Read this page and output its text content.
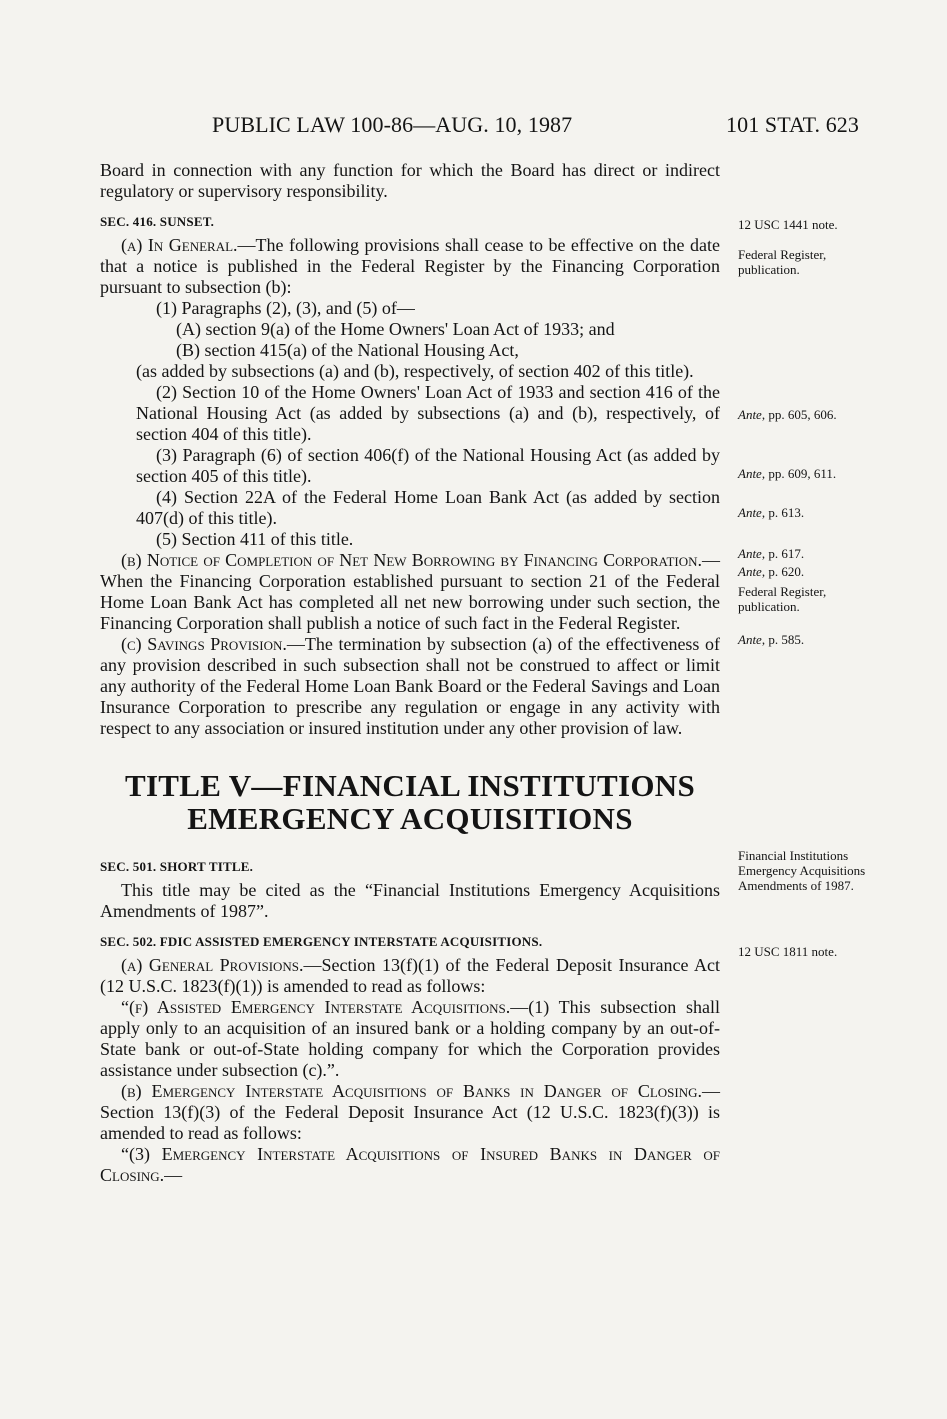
PUBLIC LAW 100-86—AUG. 10, 1987	101 STAT. 623

Board in connection with any function for which the Board has direct or indirect regulatory or supervisory responsibility.

SEC. 416. SUNSET.

(a) In General.—The following provisions shall cease to be effective on the date that a notice is published in the Federal Register by the Financing Corporation pursuant to subsection (b):

(1) Paragraphs (2), (3), and (5) of—

(A) section 9(a) of the Home Owners' Loan Act of 1933; and

(B) section 415(a) of the National Housing Act,

(as added by subsections (a) and (b), respectively, of section 402 of this title).

(2) Section 10 of the Home Owners' Loan Act of 1933 and section 416 of the National Housing Act (as added by subsections (a) and (b), respectively, of section 404 of this title).

(3) Paragraph (6) of section 406(f) of the National Housing Act (as added by section 405 of this title).

(4) Section 22A of the Federal Home Loan Bank Act (as added by section 407(d) of this title).

(5) Section 411 of this title.

(b) Notice of Completion of Net New Borrowing by Financing Corporation.—When the Financing Corporation established pursuant to section 21 of the Federal Home Loan Bank Act has completed all net new borrowing under such section, the Financing Corporation shall publish a notice of such fact in the Federal Register.

(c) Savings Provision.—The termination by subsection (a) of the effectiveness of any provision described in such subsection shall not be construed to affect or limit any authority of the Federal Home Loan Bank Board or the Federal Savings and Loan Insurance Corporation to prescribe any regulation or engage in any activity with respect to any association or insured institution under any other provision of law.

TITLE V—FINANCIAL INSTITUTIONS
EMERGENCY ACQUISITIONS

SEC. 501. SHORT TITLE.

This title may be cited as the “Financial Institutions Emergency Acquisitions Amendments of 1987”.

SEC. 502. FDIC ASSISTED EMERGENCY INTERSTATE ACQUISITIONS.

(a) General Provisions.—Section 13(f)(1) of the Federal Deposit Insurance Act (12 U.S.C. 1823(f)(1)) is amended to read as follows:

“(f) Assisted Emergency Interstate Acquisitions.—(1) This subsection shall apply only to an acquisition of an insured bank or a holding company by an out-of-State bank or out-of-State holding company for which the Corporation provides assistance under subsection (c).”.

(b) Emergency Interstate Acquisitions of Banks in Danger of Closing.—Section 13(f)(3) of the Federal Deposit Insurance Act (12 U.S.C. 1823(f)(3)) is amended to read as follows:

“(3) Emergency Interstate Acquisitions of Insured Banks in Danger of Closing.—

12 USC 1441 note.

Federal Register, publication.

Ante, pp. 605, 606.

Ante, pp. 609, 611.

Ante, p. 613.

Ante, p. 617.

Ante, p. 620.

Federal Register, publication.

Ante, p. 585.

Financial Institutions Emergency Acquisitions Amendments of 1987.

12 USC 1811 note.
